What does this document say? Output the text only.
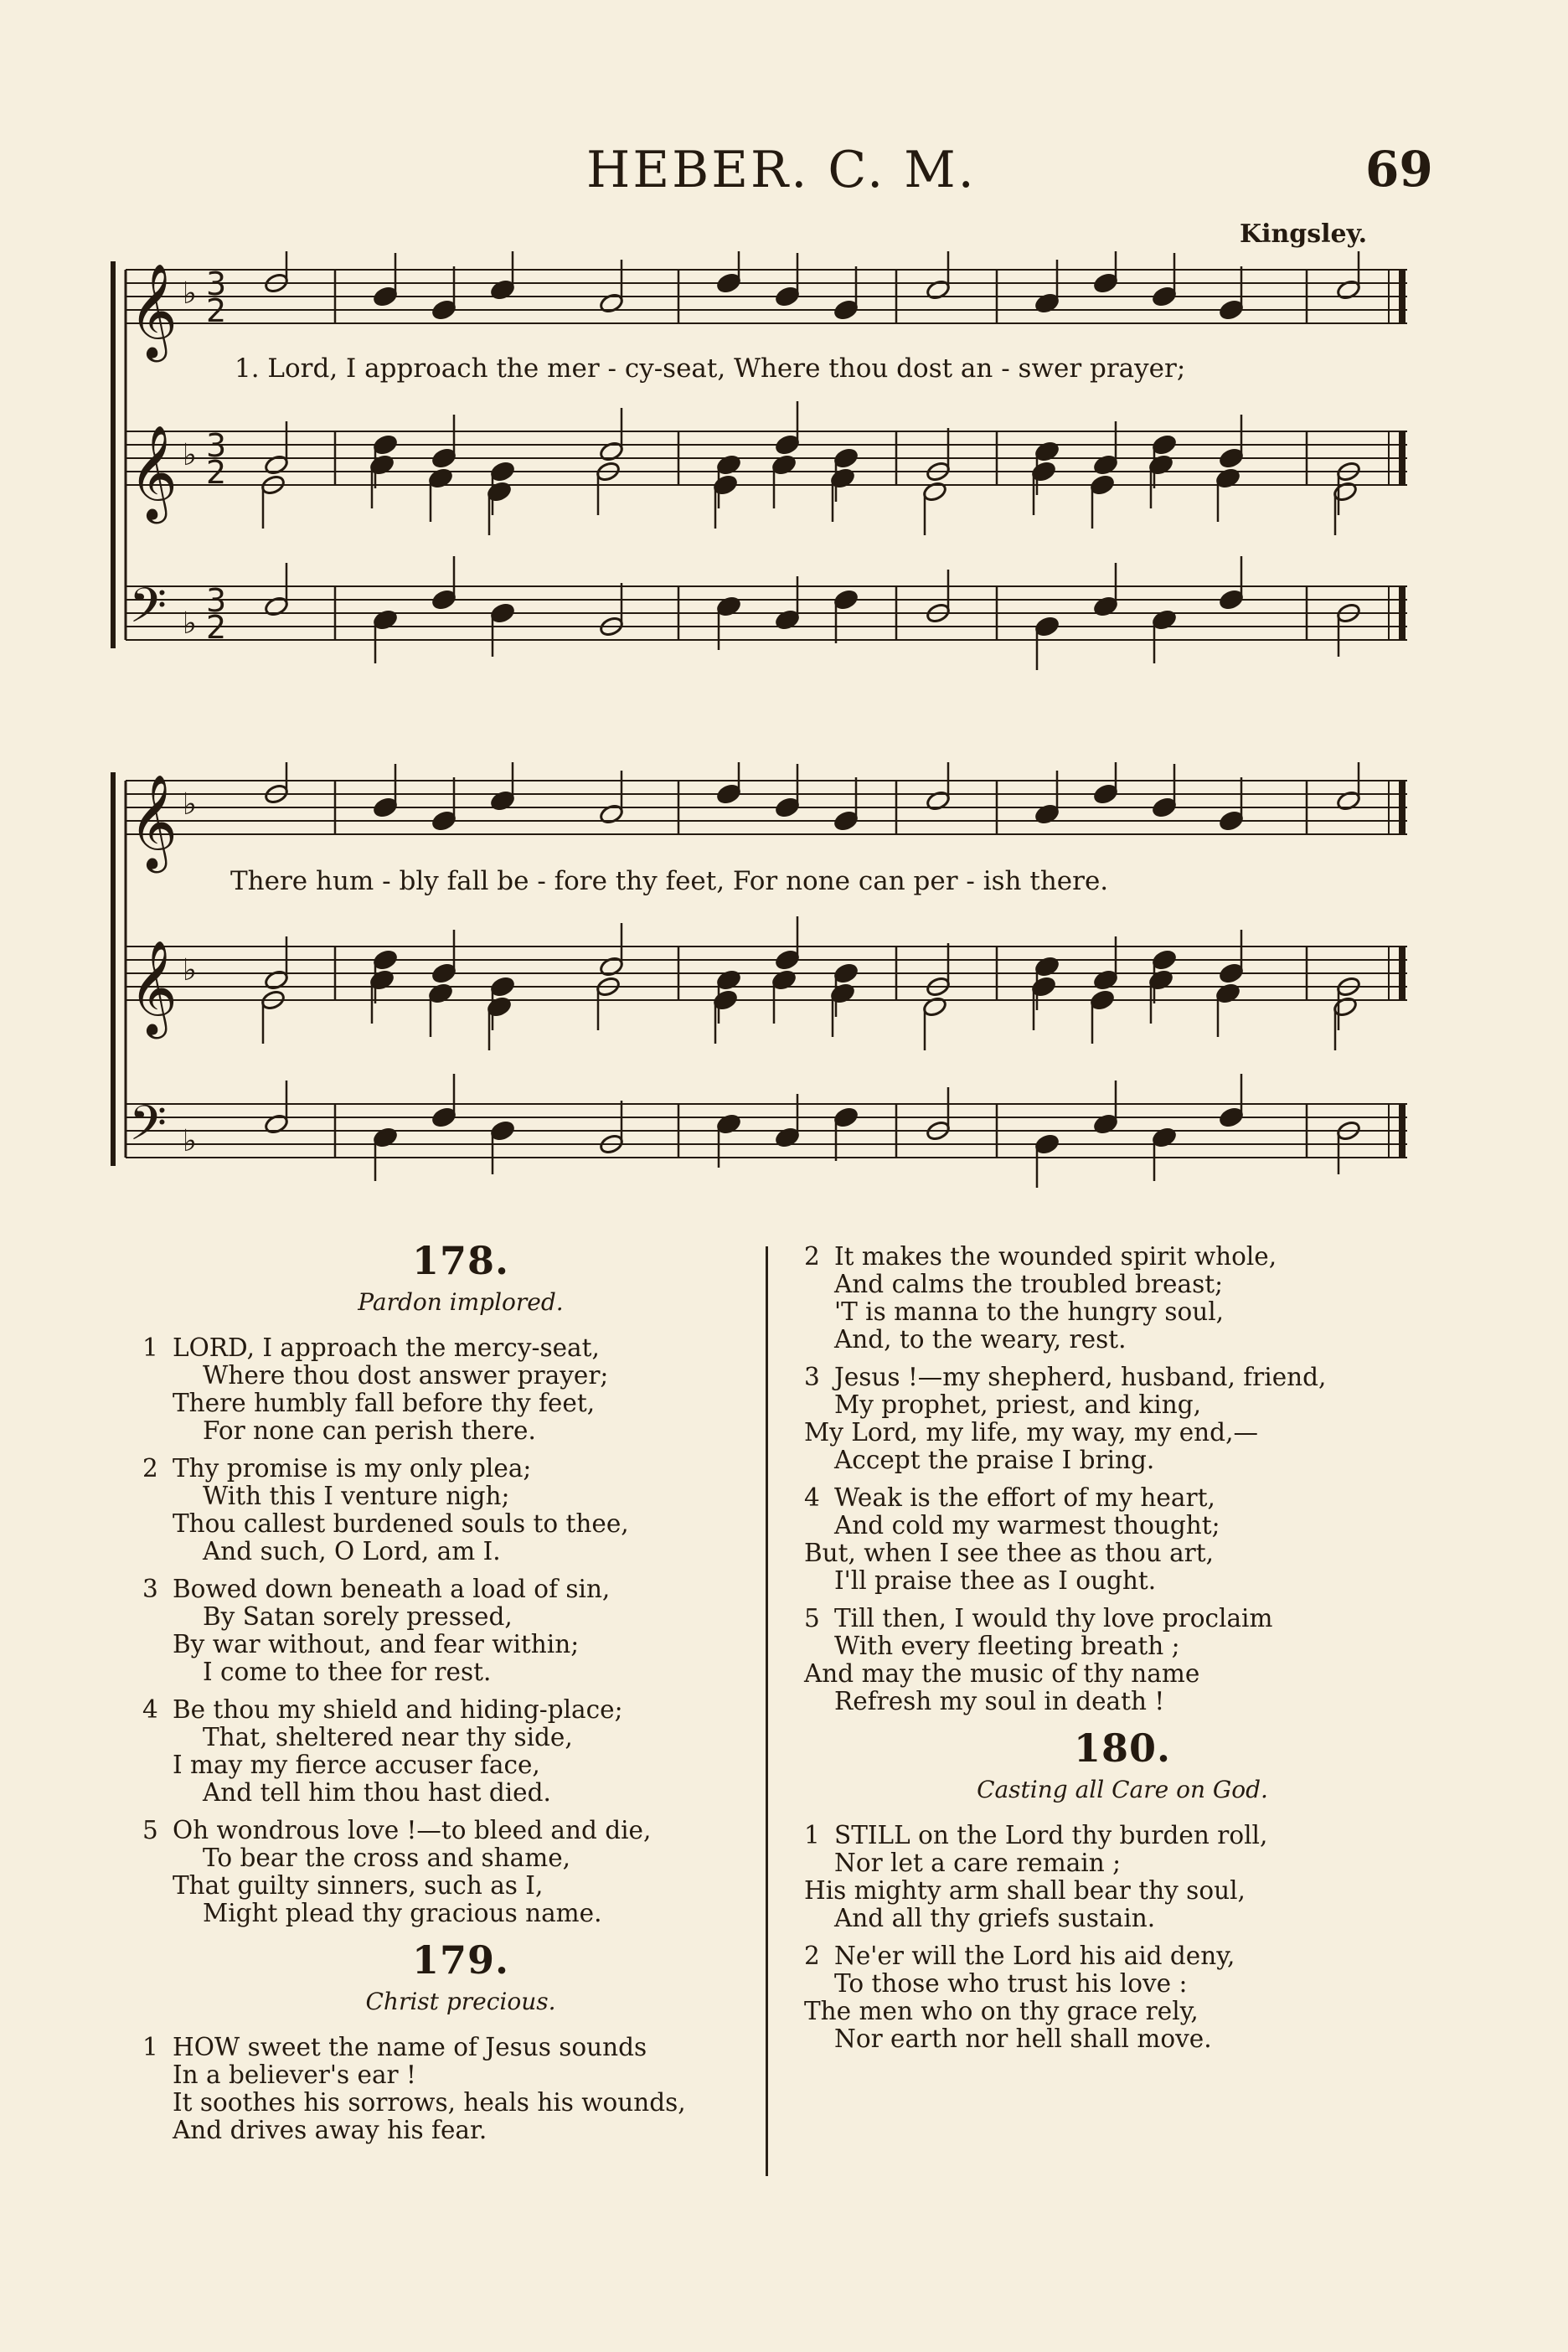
HEBER. C. M.	69
Kingsley.
𝄞 ♭ 3
2
𝄞 ♭ 3
2
𝄢 ♭
3
2
1. Lord, I approach the mer - cy-seat, Where thou dost an - swer prayer;
𝄞 ♭
𝄞 ♭
𝄢 ♭
There hum - bly fall be - fore thy feet, For none can per - ish there.
178.
Pardon implored.
1 LORD, I approach the mercy-seat,
Where thou dost answer prayer;
There humbly fall before thy feet,
For none can perish there.
2 Thy promise is my only plea;
With this I venture nigh;
Thou callest burdened souls to thee,
And such, O Lord, am I.
3 Bowed down beneath a load of sin,
By Satan sorely pressed,
By war without, and fear within;
I come to thee for rest.
4 Be thou my shield and hiding-place;
That, sheltered near thy side,
I may my fierce accuser face,
And tell him thou hast died.
5 Oh wondrous love !—to bleed and die,
To bear the cross and shame,
That guilty sinners, such as I,
Might plead thy gracious name.
179.
Christ precious.
1 HOW sweet the name of Jesus sounds
In a believer's ear !
It soothes his sorrows, heals his wounds,
And drives away his fear.
2 It makes the wounded spirit whole,
And calms the troubled breast;
'T is manna to the hungry soul,
And, to the weary, rest.
3 Jesus !—my shepherd, husband, friend,
My prophet, priest, and king,
My Lord, my life, my way, my end,—
Accept the praise I bring.
4 Weak is the effort of my heart,
And cold my warmest thought;
But, when I see thee as thou art,
I'll praise thee as I ought.
5 Till then, I would thy love proclaim
With every fleeting breath ;
And may the music of thy name
Refresh my soul in death !
180.
Casting all Care on God.
1 STILL on the Lord thy burden roll,
Nor let a care remain ;
His mighty arm shall bear thy soul,
And all thy griefs sustain.
2 Ne'er will the Lord his aid deny,
To those who trust his love :
The men who on thy grace rely,
Nor earth nor hell shall move.
